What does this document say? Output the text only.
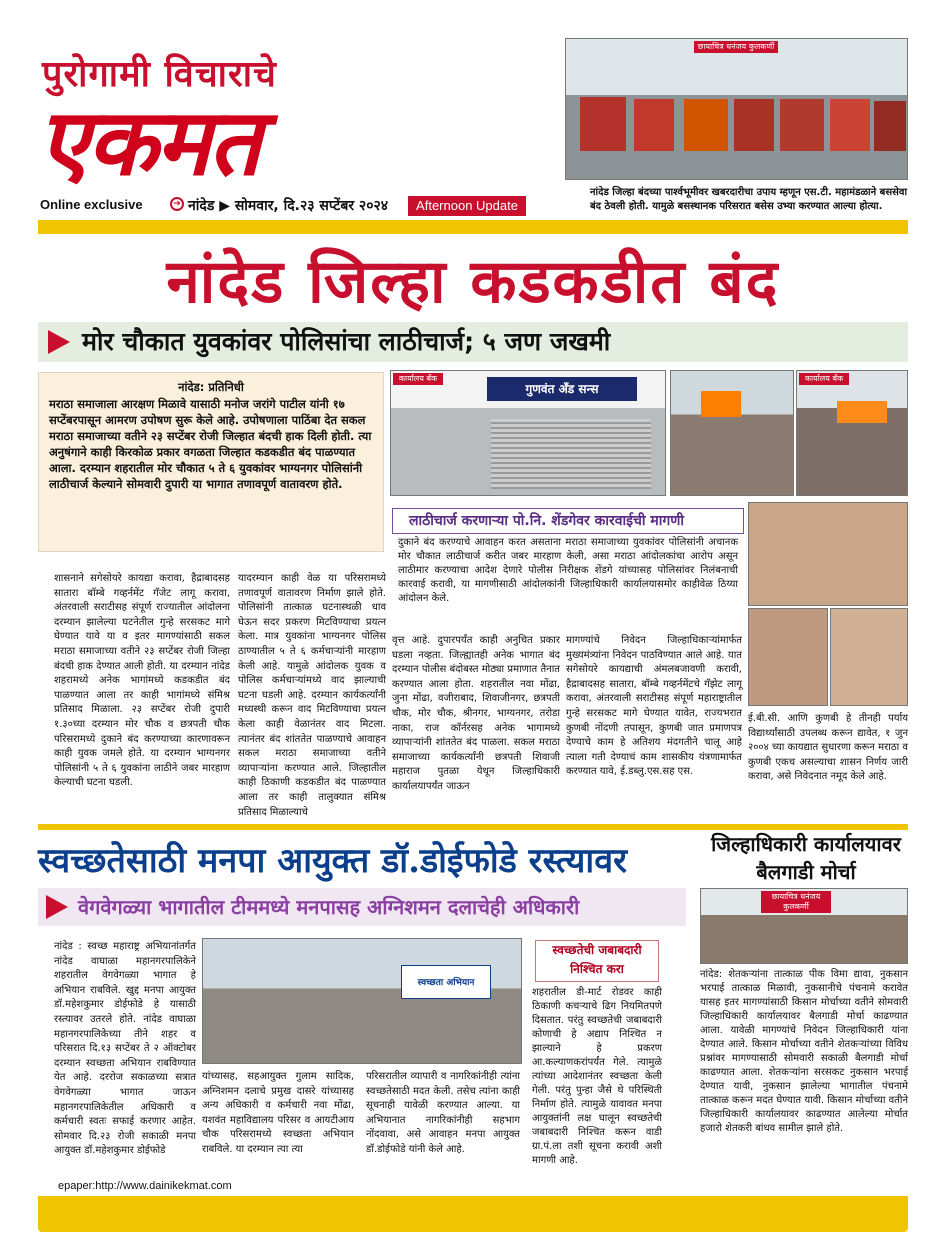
पुरोगामी विचाराचे
एकमत
Online exclusive	➔ नांदेड ▶ सोमवार, दि.२३ सप्टेंबर २०२४	Afternoon Update
छायाचित्र धनंजय कुलकर्णी
नांदेड जिल्हा बंदच्या पार्श्वभूमीवर खबरदारीचा उपाय म्हणून एस.टी. महामंडळाने बससेवा बंद ठेवली होती. यामुळे बसस्थानक परिसरात बसेस उभ्या करण्यात आल्या होत्या.
नांदेड जिल्हा कडकडीत बंद
मोर चौकात युवकांवर पोलिसांचा लाठीचार्ज; ५ जण जखमी
नांदेड: प्रतिनिधी
मराठा समाजाला आरक्षण मिळावे यासाठी मनोज जरांगे पाटील यांनी १७ सप्टेंबरपासून आमरण उपोषण सुरू केले आहे. उपोषणाला पाठिंबा देत सकल मराठा समाजाच्या वतीने २३ सप्टेंबर रोजी जिल्हात बंदची हाक दिली होती. त्या अनुषंगाने काही किरकोळ प्रकार वगळता जिल्हात कडकडीत बंद पाळण्यात आला. दरम्यान शहरातील मोर चौकात ५ ते ६ युवकांवर भाग्यनगर पोलिसांनी लाठीचार्ज केल्याने सोमवारी दुपारी या भागात तणावपूर्ण वातावरण होते.
कार्यालय बँक
गुणवंत अँड सन्स
कार्यालय बँक
लाठीचार्ज करणाऱ्या पो.नि. शेंडगेवर कारवाईची मागणी
दुकाने बंद करण्याचे आवाहन करत असताना मराठा समाजाच्या युवकांवर पोलिसांनी अचानक मोर चौकात लाठीचार्ज करीत जबर मारहाण केली, असा मराठा आंदोलकांचा आरोप असून लाठीमार करण्याचा आदेश देणारे पोलीस निरीक्षक शेंडगे यांच्यासह पोलिसांवर निलंबनाची कारवाई करावी, या मागणीसाठी आंदोलकांनी जिल्हाधिकारी कार्यालयासमोर काहीवेळ ठिय्या आंदोलन केले.
शासनाने सगेसोयरे कायद्या करावा, हैद्राबादसह सातारा बॉम्बे गव्हर्नमेंट गॅजेट लागू करावा, अंतरवाली सराटीसह संपूर्ण राज्यातील आंदोलना दरम्यान झालेल्या घटनेतील गुन्हे सरसकट मागे घेण्यात यावे या व इतर मागण्यांसाठी सकल मराठा समाजाच्या वतीने २३ सप्टेंबर रोजी जिल्हा बंदची हाक देण्यात आली होती. या दरम्यान नांदेड शहरामध्ये अनेक भागांमध्ये कडकडीत बंद पाळण्यात आला तर काही भागांमध्ये संमिश्र प्रतिसाद मिळाला. २३ सप्टेंबर रोजी दुपारी १.३०च्या दरम्यान मोर चौक व छत्रपती चौक परिसरामध्ये दुकाने बंद करण्याच्या कारणावरून काही युवक जमले होते. या दरम्यान भाग्यनगर पोलिसांनी ५ ते ६ युवकांना लाठीने जबर मारहाण केल्याची घटना घडली.
यादरम्यान काही वेळ या परिसरामध्ये तणावपूर्ण वातावरण निर्माण झाले होते. पोलिसांनी तात्काळ घटनास्थळी धाव घेऊन सदर प्रकरण मिटविण्याचा प्रयत्न केला. मात्र युवकांना भाग्यनगर पोलिस ठाण्यातील ५ ते ६ कर्मचाऱ्यांनी मारहाण केली आहे. यामुळे आंदोलक युवक व पोलिस कर्मचाऱ्यांमध्ये वाद झाल्याची घटना घडली आहे. दरम्यान कार्यकर्त्यांनी मध्यस्थी करून वाद मिटविण्याचा प्रयत्न केला काही वेळानंतर वाद मिटला. त्यानंतर बंद शांततेत पाळण्याचे आवाहन सकल मराठा समाजाच्या वतीने व्यापाऱ्यांना करण्यात आले. जिल्हातील काही ठिकाणी कडकडीत बंद पाळण्यात आला तर काही तालुक्यात संमिश्र प्रतिसाद मिळाल्याचे
वृत्त आहे. दुपारपर्यंत काही अनुचित प्रकार घडला नव्हता. जिल्ह्यातही अनेक भागात बंद दरम्यान पोलीस बंदोबस्त मोठ्या प्रमाणात तैनात करण्यात आला होता. शहरातील नवा मोंढा, जुना मोंढा, वजीराबाद, शिवाजीनगर, छत्रपती चौक, मोर चौक, श्रीनगर, भाग्यनगर, तरोडा नाका, राज कॉर्नरसह अनेक भागामध्ये व्यापाऱ्यांनी शांततेत बंद पाळला. सकल मराठा समाजाच्या कार्यकर्त्यांनी छत्रपती शिवाजी महाराज पुतळा येथून जिल्हाधिकारी कार्यालयापर्यंत जाऊन
मागण्यांचे निवेदन जिल्हाधिकाऱ्यांमार्फत मुख्यमंत्र्यांना निवेदन पाठविण्यात आले आहे. यात सगेसोयरे कायद्याची अंमलबजावणी करावी, हैद्राबादसह सातारा, बॉम्बे गव्हर्नमेंटचे गॅझेट लागू करावा, अंतरवाली सराटीसह संपूर्ण महाराष्ट्रातील गुन्हे सरसकट मागे घेण्यात यावेत, राज्यभरात कुणबी नोंदणी तपासून, कुणबी जात प्रमाणपत्र देण्याचे काम हे अतिशय मंदगतीने चालू आहे त्याला गती देण्याचं काम शासकीय यंत्रणामार्फत करण्यात यावे, ई.डब्लु.एस.सह एस.
ई.बी.सी. आणि कुणबी हे तीनही पर्याय विद्यार्थ्यांसाठी उपलब्ध करून द्यावेत, १ जुन २००४ च्या कायद्यात सुधारणा करून मराठा व कुणबी एकच असल्याचा शासन निर्णय जारी करावा, असे निवेदनात नमूद केले आहे.
स्वच्छतेसाठी मनपा आयुक्त डॉ.डोईफोडे रस्त्यावर	जिल्हाधिकारी कार्यालयावर बैलगाडी मोर्चा
वेगवेगळ्या भागातील टीममध्ये मनपासह अग्निशमन दलाचेही अधिकारी
नांदेड : स्वच्छ महाराष्ट्र अभियानांतर्गत नांदेड वाघाळा महानगरपालिकेने शहरातील वेगवेगळ्या भागात हे अभियान राबविले. खुद्द मनपा आयुक्त डॉ.महेशकुमार डोईफोडे हे यासाठी रस्त्यावर उतरले होते. नांदेड वाघाळा महानगरपालिकेच्या तीने शहर व परिसरात दि.१३ सप्टेंबर ते २ ऑक्टोबर दरम्यान स्वच्छता अभियान राबविण्यात येत आहे. दररोज सकाळच्या सत्रात वेगवेगळ्या भागात जाऊन महानगरपालिकेतील अधिकारी व कर्मचारी स्वतः सफाई करणार आहेत. सोमवार दि.२३ रोजी सकाळी मनपा आयुक्त डॉ.महेशकुमार डोईफोडे
स्वच्छता अभियान
यांच्यासह, सहआयुक्त गुलाम सादिक, अग्निशमन दलाचे प्रमुख दासरे यांच्यासह अन्य अधिकारी व कर्मचारी नवा मोंढा, यशवंत महाविद्यालय परिसर व आयटीआय चौक परिसरामध्ये स्वच्छता अभियान राबविले. या दरम्यान त्या त्या
परिसरातील व्यापारी व नागरिकांनीही त्यांना स्वच्छतेसाठी मदत केली. तसेच त्यांना काही सूचनाही यावेळी करण्यात आल्या. या अभियानात नागरिकांनीही सहभाग नोंदवावा, असे आवाहन मनपा आयुक्त डॉ.डोईफोडे यांनी केले आहे.
स्वच्छतेची जबाबदारी निश्चित करा
शहरातील डी-मार्ट रोडवर काही ठिकाणी कचऱ्याचे ढिग नियमितपणे दिसतात. परंतु स्वच्छतेची जबाबदारी कोणाची हे अद्याप निश्चित न झाल्याने हे प्रकरण आ.कल्याणकरांपर्यंत गेले. त्यामुळे त्यांच्या आदेशानंतर स्वच्छता केली गेली. परंतु पुन्हा जैसे थे परिस्थिती निर्माण होते. त्यामुळे यावावत मनपा आयुक्तांनी लक्ष घालून स्वच्छतेची जबाबदारी निश्चित करून वाडी ग्रा.पं.ला तशी सूचना करावी अशी मागणी आहे.
छायाचित्र धनंजय कुलकर्णी
नांदेड: शेतकऱ्यांना तात्काळ पीक विमा द्यावा, नुकसान भरपाई तात्काळ मिळावी, नुकसानीचे पंचनामे करावेत यासह इतर मागण्यांसाठी किसान मोर्चाच्या वतीने सोमवारी जिल्हाधिकारी कार्यालयावर बैलगाडी मोर्चा काढण्यात आला. यावेळी मागण्यांचे निवेदन जिल्हाधिकारी यांना देण्यात आले. किसान मोर्चाच्या वतीने शेतकऱ्यांच्या विविध प्रश्नांवर मागण्यासाठी सोमवारी सकाळी बैलगाडी मोर्चा काढण्यात आला. शेतकऱ्यांना सरसकट नुकसान भरपाई देण्यात यावी, नुकसान झालेल्या भागातील पंचनामे तात्काळ करून मदत घेण्यात यावी. किसान मोर्चाच्या वतीने जिल्हाधिकारी कार्यालयावर काढण्यात आलेल्या मोर्चात हजारो शेतकरी बांधव सामील झाले होते.
epaper:http://www.dainikekmat.com
